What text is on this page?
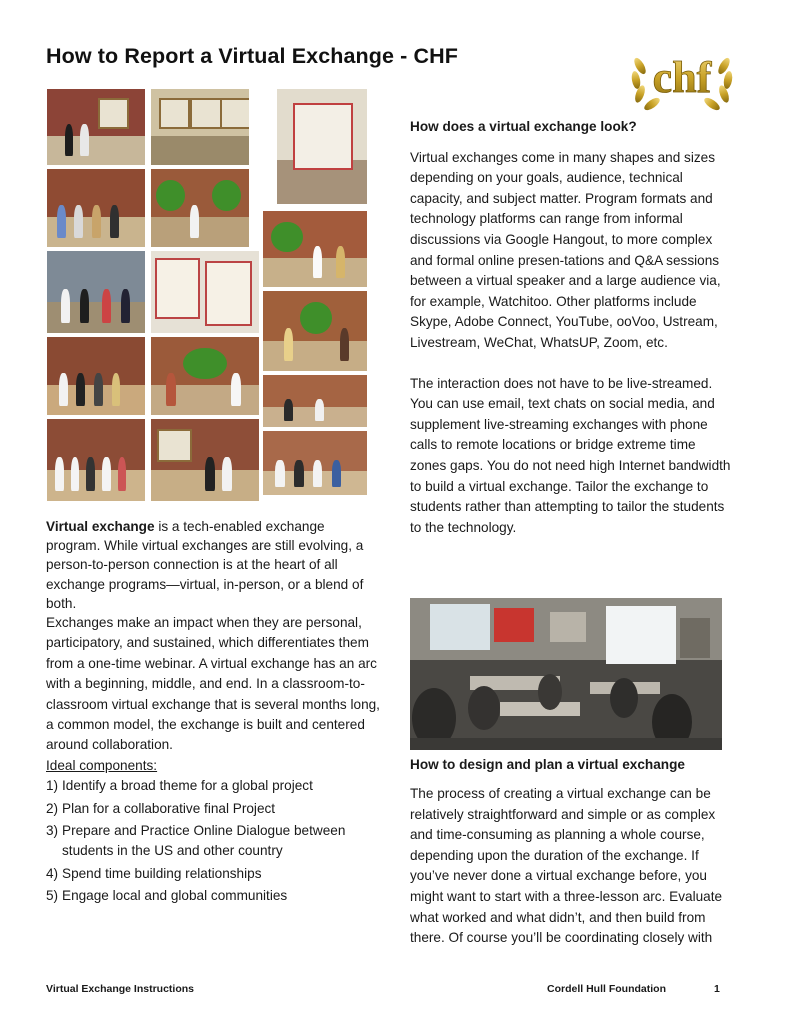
How to Report a Virtual Exchange - CHF	chf

Virtual exchange is a tech-enabled exchange program. While virtual exchanges are still evolving, a person-to-person connection is at the heart of all exchange programs—virtual, in-person, or a blend of both.

Exchanges make an impact when they are personal, participatory, and sustained, which differentiates them from a one-time webinar. A virtual exchange has an arc with a beginning, middle, and end. In a classroom-to-classroom virtual exchange that is several months long, a common model, the exchange is built and centered around collaboration.

Ideal components:

1) Identify a broad theme for a global project
2) Plan for a collaborative final Project
3) Prepare and Practice Online Dialogue between students in the US and other country
4) Spend time building relationships
5) Engage local and global communities
How does a virtual exchange look?

Virtual exchanges come in many shapes and sizes depending on your goals, audience, technical capacity, and subject matter. Program formats and technology platforms can range from informal discussions via Google Hangout, to more complex and formal online presen-tations and Q&A sessions between a virtual speaker and a large audience via, for example, Watchitoo. Other platforms include Skype, Adobe Connect, YouTube, ooVoo, Ustream, Livestream, WeChat, WhatsUP, Zoom, etc.

The interaction does not have to be live-streamed. You can use email, text chats on social media, and supplement live-streaming exchanges with phone calls to remote locations or bridge extreme time zones gaps. You do not need high Internet bandwidth to build a virtual exchange. Tailor the exchange to students rather than attempting to tailor the students to the technology.

How to design and plan a virtual exchange

The process of creating a virtual exchange can be relatively straightforward and simple or as complex and time-consuming as planning a whole course, depending upon the duration of the exchange. If you’ve never done a virtual exchange before, you might want to start with a three-lesson arc. Evaluate what worked and what didn’t, and then build from there. Of course you’ll be coordinating closely with

Virtual Exchange Instructions	Cordell Hull Foundation	1
